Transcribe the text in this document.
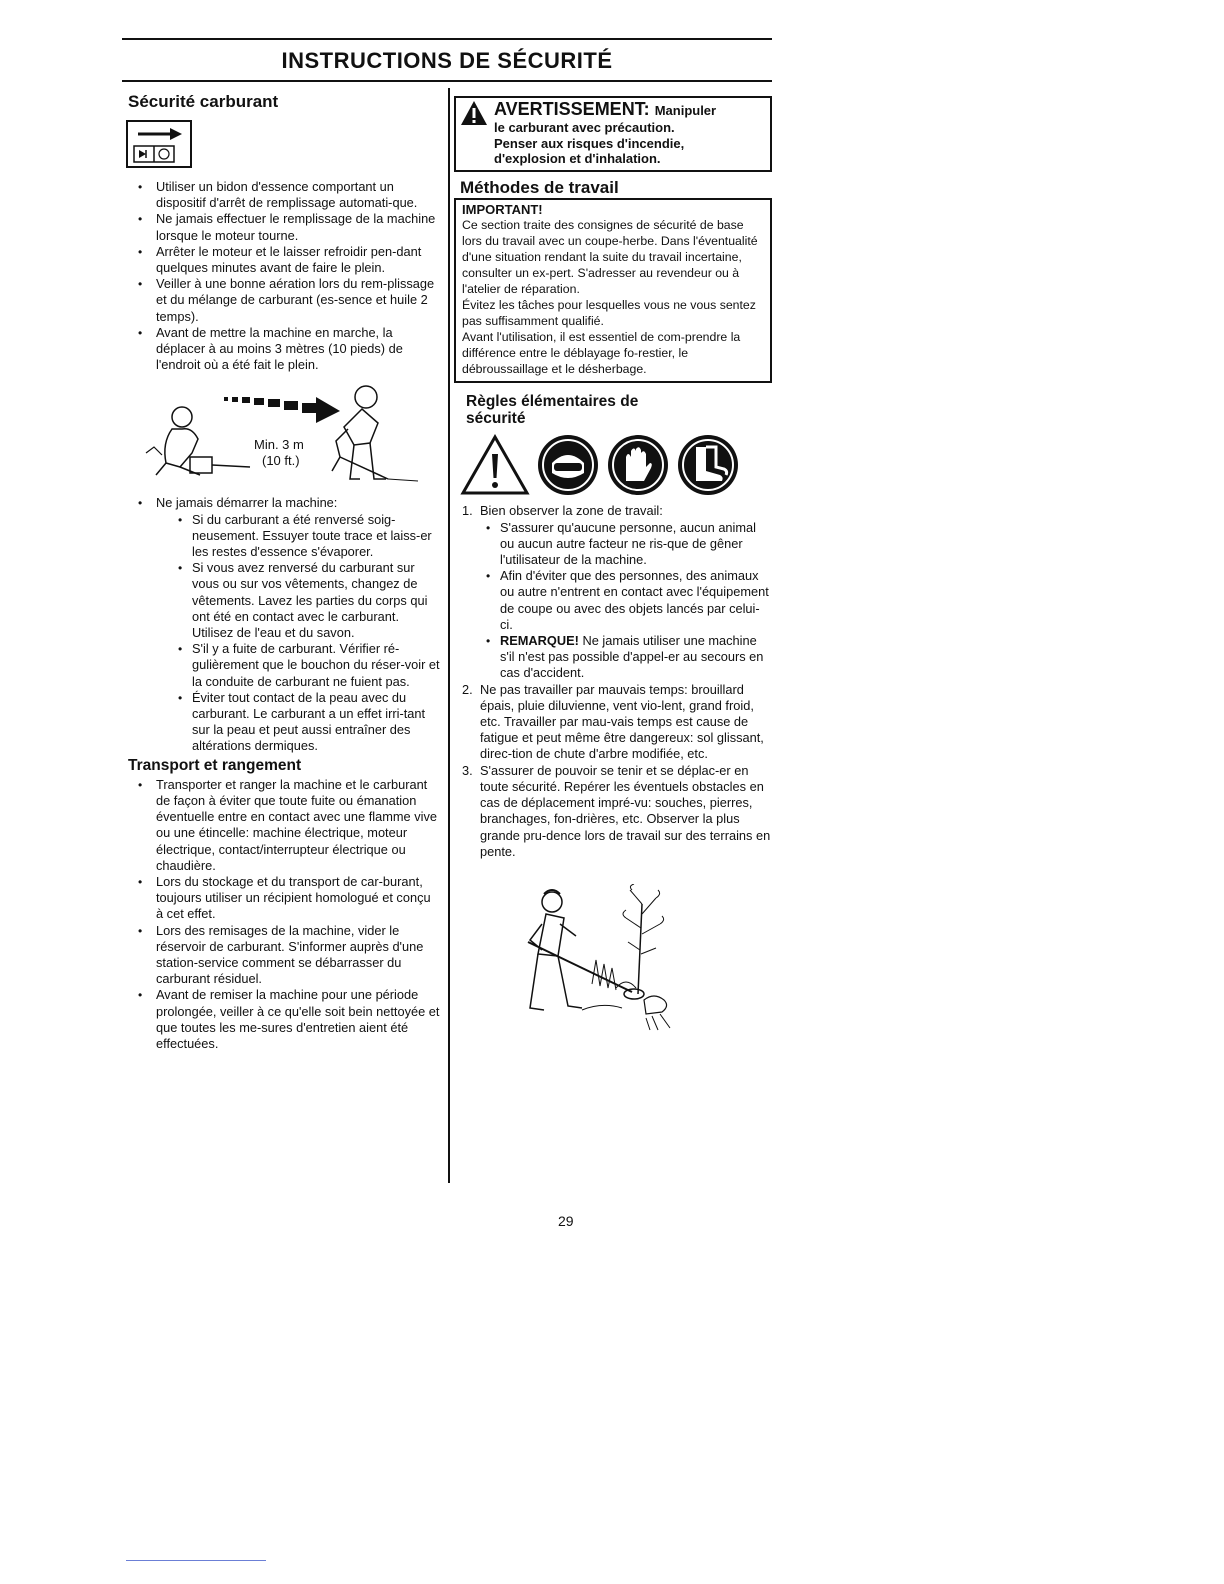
INSTRUCTIONS DE SÉCURITÉ
Sécurité carburant
• Utiliser un bidon d'essence comportant un dispositif d'arrêt de remplissage automati-que.
• Ne jamais effectuer le remplissage de la machine lorsque le moteur tourne.
• Arrêter le moteur et le laisser refroidir pen-dant quelques minutes avant de faire le plein.
• Veiller à une bonne aération lors du rem-plissage et du mélange de carburant (es-sence et huile 2 temps).
• Avant de mettre la machine en marche, la déplacer à au moins 3 mètres (10 pieds) de l'endroit où a été fait le plein.
Min. 3 m
(10 ft.)
• Ne jamais démarrer la machine:
• Si du carburant a été renversé soig-neusement. Essuyer toute trace et laiss-er les restes d'essence s'évaporer.
• Si vous avez renversé du carburant sur vous ou sur vos vêtements, changez de vêtements. Lavez les parties du corps qui ont été en contact avec le carburant. Utilisez de l'eau et du savon.
• S'il y a fuite de carburant. Vérifier ré-gulièrement que le bouchon du réser-voir et la conduite de carburant ne fuient pas.
• Éviter tout contact de la peau avec du carburant. Le carburant a un effet irri-tant sur la peau et peut aussi entraîner des altérations dermiques.
Transport et rangement
• Transporter et ranger la machine et le carburant de façon à éviter que toute fuite ou émanation éventuelle entre en contact avec une flamme vive ou une étincelle: machine électrique, moteur électrique, contact/interrupteur électrique ou chaudière.
• Lors du stockage et du transport de car-burant, toujours utiliser un récipient homologué et conçu à cet effet.
• Lors des remisages de la machine, vider le réservoir de carburant. S'informer auprès d'une station-service comment se débarrasser du carburant résiduel.
• Avant de remiser la machine pour une période prolongée, veiller à ce qu'elle soit bein nettoyée et que toutes les me-sures d'entretien aient été effectuées.
AVERTISSEMENT: Manipuler
le carburant avec précaution.
Penser aux risques d'incendie,
d'explosion et d'inhalation.
Méthodes de travail
IMPORTANT!
Ce section traite des consignes de sécurité de base lors du travail avec un coupe-herbe. Dans l'éventualité d'une situation rendant la suite du travail incertaine, consulter un ex-pert. S'adresser au revendeur ou à l'atelier de réparation.
Évitez les tâches pour lesquelles vous ne vous sentez pas suffisamment qualifié.
Avant l'utilisation, il est essentiel de com-prendre la différence entre le déblayage fo-restier, le débroussaillage et le désherbage.
Règles élémentaires de
sécurité
1. Bien observer la zone de travail:
• S'assurer qu'aucune personne, aucun animal ou aucun autre facteur ne ris-que de gêner l'utilisateur de la machine.
• Afin d'éviter que des personnes, des animaux ou autre n'entrent en contact avec l'équipement de coupe ou avec des objets lancés par celui-ci.
• REMARQUE! Ne jamais utiliser une machine s'il n'est pas possible d'appel-er au secours en cas d'accident.
2. Ne pas travailler par mauvais temps: brouillard épais, pluie diluvienne, vent vio-lent, grand froid, etc. Travailler par mau-vais temps est cause de fatigue et peut même être dangereux: sol glissant, direc-tion de chute d'arbre modifiée, etc.
3. S'assurer de pouvoir se tenir et se déplac-er en toute sécurité. Repérer les éventuels obstacles en cas de déplacement impré-vu: souches, pierres, branchages, fon-drières, etc. Observer la plus grande pru-dence lors de travail sur des terrains en pente.
29
